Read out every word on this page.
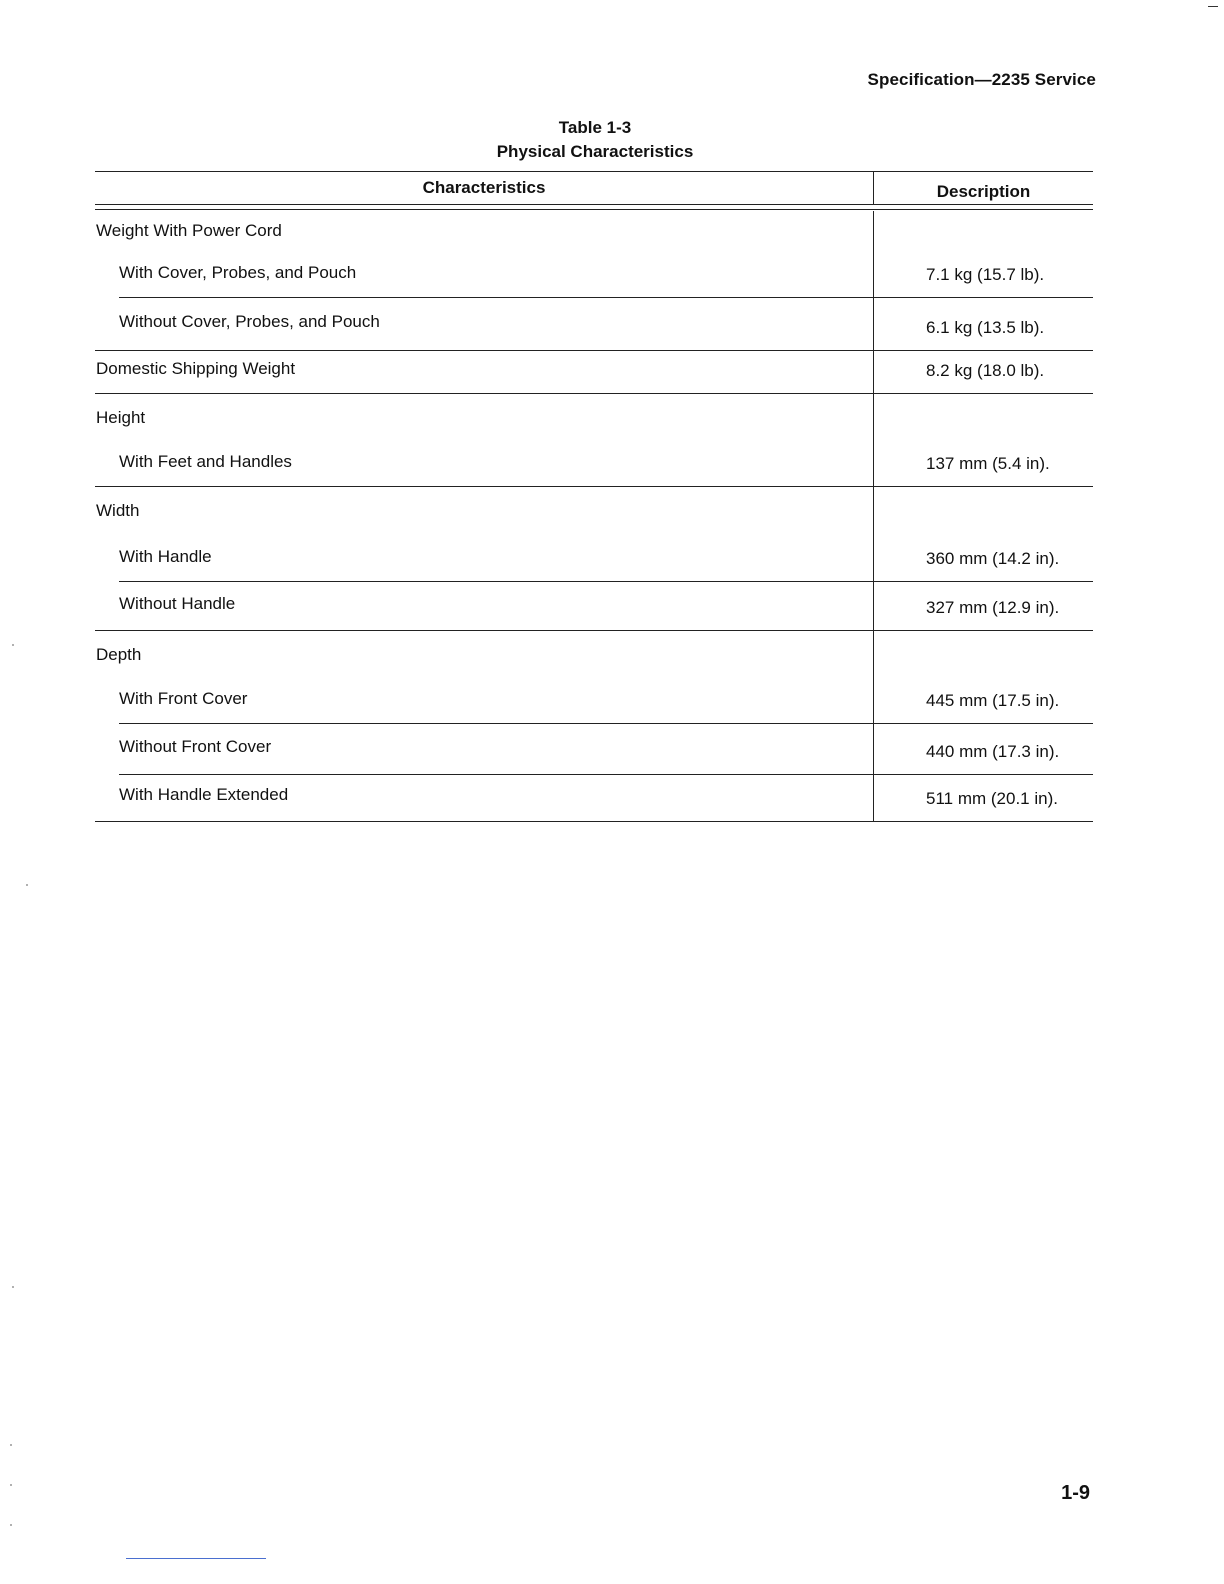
Specification—2235 Service
Table 1-3
Physical Characteristics
Characteristics	Description
Weight With Power Cord
With Cover, Probes, and Pouch	7.1 kg (15.7 lb).
Without Cover, Probes, and Pouch	6.1 kg (13.5 lb).
Domestic Shipping Weight	8.2 kg (18.0 lb).
Height
With Feet and Handles	137 mm (5.4 in).
Width
With Handle	360 mm (14.2 in).
Without Handle	327 mm (12.9 in).
Depth
With Front Cover	445 mm (17.5 in).
Without Front Cover	440 mm (17.3 in).
With Handle Extended	511 mm (20.1 in).
1-9
